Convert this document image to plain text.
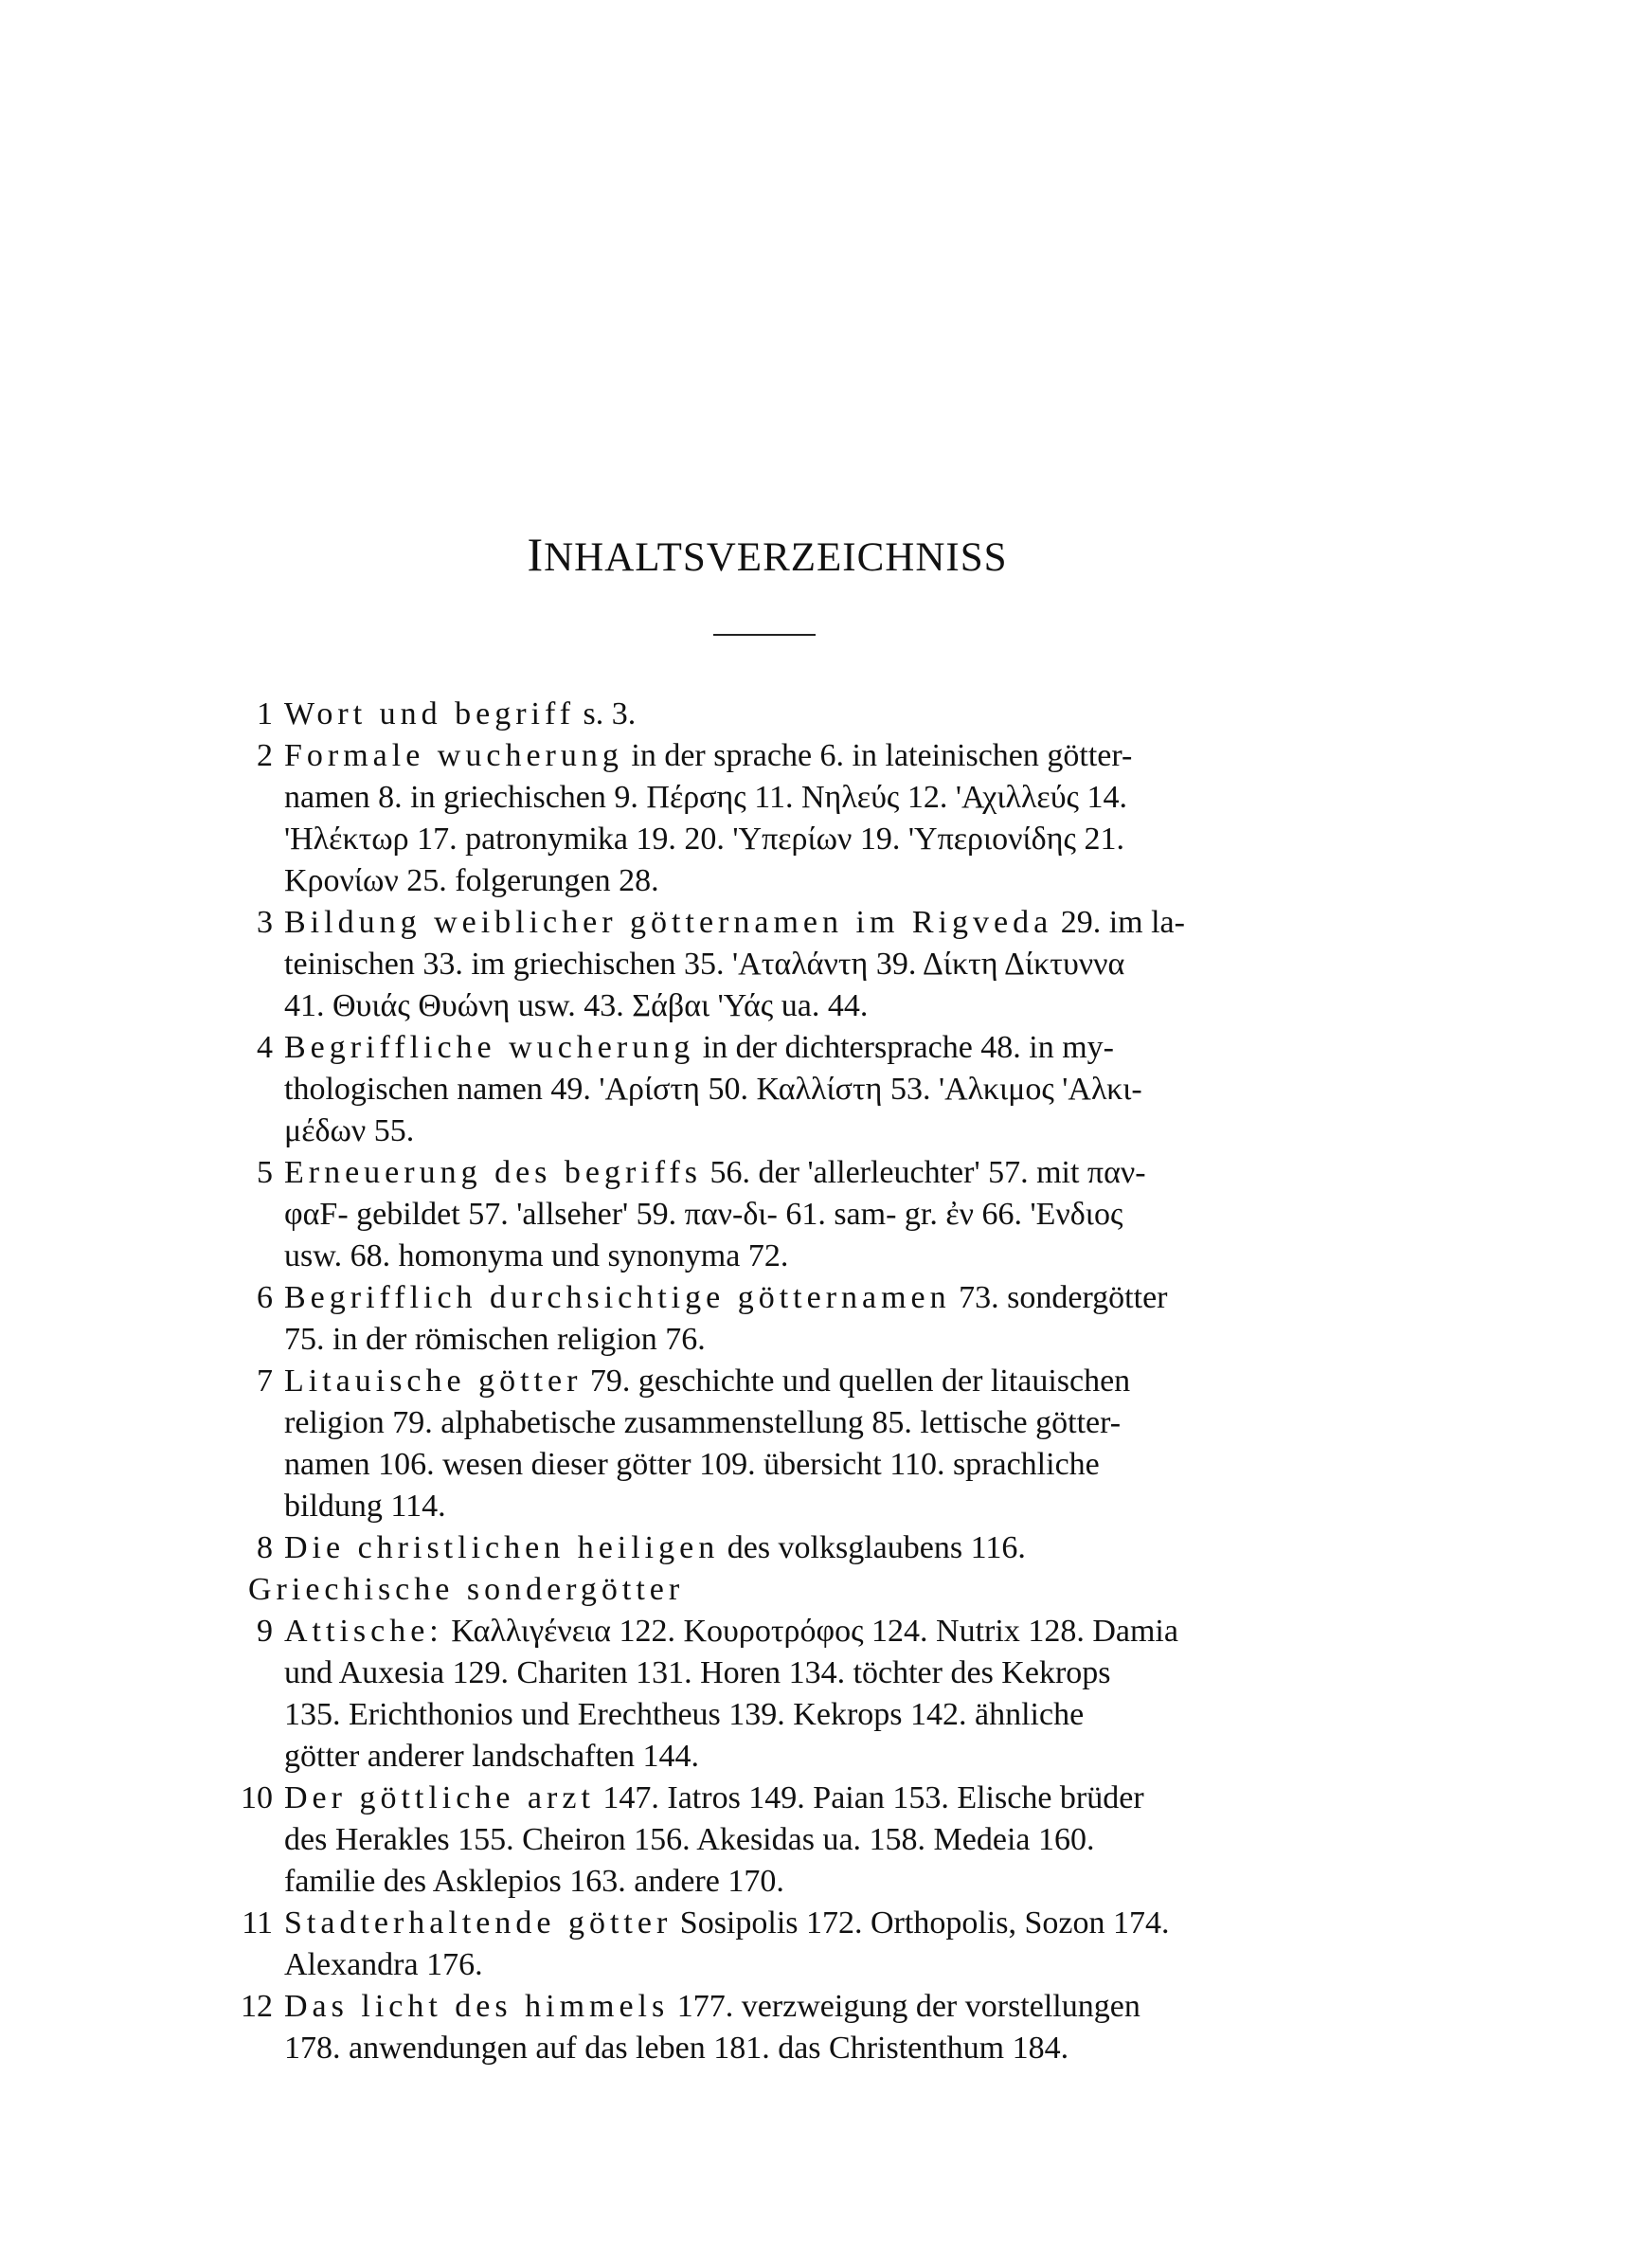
INHALTSVERZEICHNISS
1 Wort und begriff s. 3.
2 Formale wucherung in der sprache 6. in lateinischen götter-
namen 8. in griechischen 9. Πέρσης 11. Νηλεύς 12. 'Αχιλλεύς 14.
'Ηλέκτωρ 17. patronymika 19. 20. 'Υπερίων 19. 'Υπεριονίδης 21.
Κρονίων 25. folgerungen 28.
3 Bildung weiblicher götternamen im Rigveda 29. im la-
teinischen 33. im griechischen 35. 'Αταλάντη 39. Δίκτη Δίκτυννα
41. Θυιάς Θυώνη usw. 43. Σάβαι 'Υάς ua. 44.
4 Begriffliche wucherung in der dichtersprache 48. in my-
thologischen namen 49. 'Αρίστη 50. Καλλίστη 53. 'Αλκιμος 'Αλκι-
μέδων 55.
5 Erneuerung des begriffs 56. der 'allerleuchter' 57. mit παν-
φαF- gebildet 57. 'allseher' 59. παν-δι- 61. sam- gr. ἐν 66. 'Ενδιος
usw. 68. homonyma und synonyma 72.
6 Begrifflich durchsichtige götternamen 73. sondergötter
75. in der römischen religion 76.
7 Litauische götter 79. geschichte und quellen der litauischen
religion 79. alphabetische zusammenstellung 85. lettische götter-
namen 106. wesen dieser götter 109. übersicht 110. sprachliche
bildung 114.
8 Die christlichen heiligen des volksglaubens 116.
Griechische sondergötter
9 Attische: Καλλιγένεια 122. Κουροτρόφος 124. Nutrix 128. Damia
und Auxesia 129. Chariten 131. Horen 134. töchter des Kekrops
135. Erichthonios und Erechtheus 139. Kekrops 142. ähnliche
götter anderer landschaften 144.
10 Der göttliche arzt 147. Iatros 149. Paian 153. Elische brüder
des Herakles 155. Cheiron 156. Akesidas ua. 158. Medeia 160.
familie des Asklepios 163. andere 170.
11 Stadterhaltende götter Sosipolis 172. Orthopolis, Sozon 174.
Alexandra 176.
12 Das licht des himmels 177. verzweigung der vorstellungen
178. anwendungen auf das leben 181. das Christenthum 184.
